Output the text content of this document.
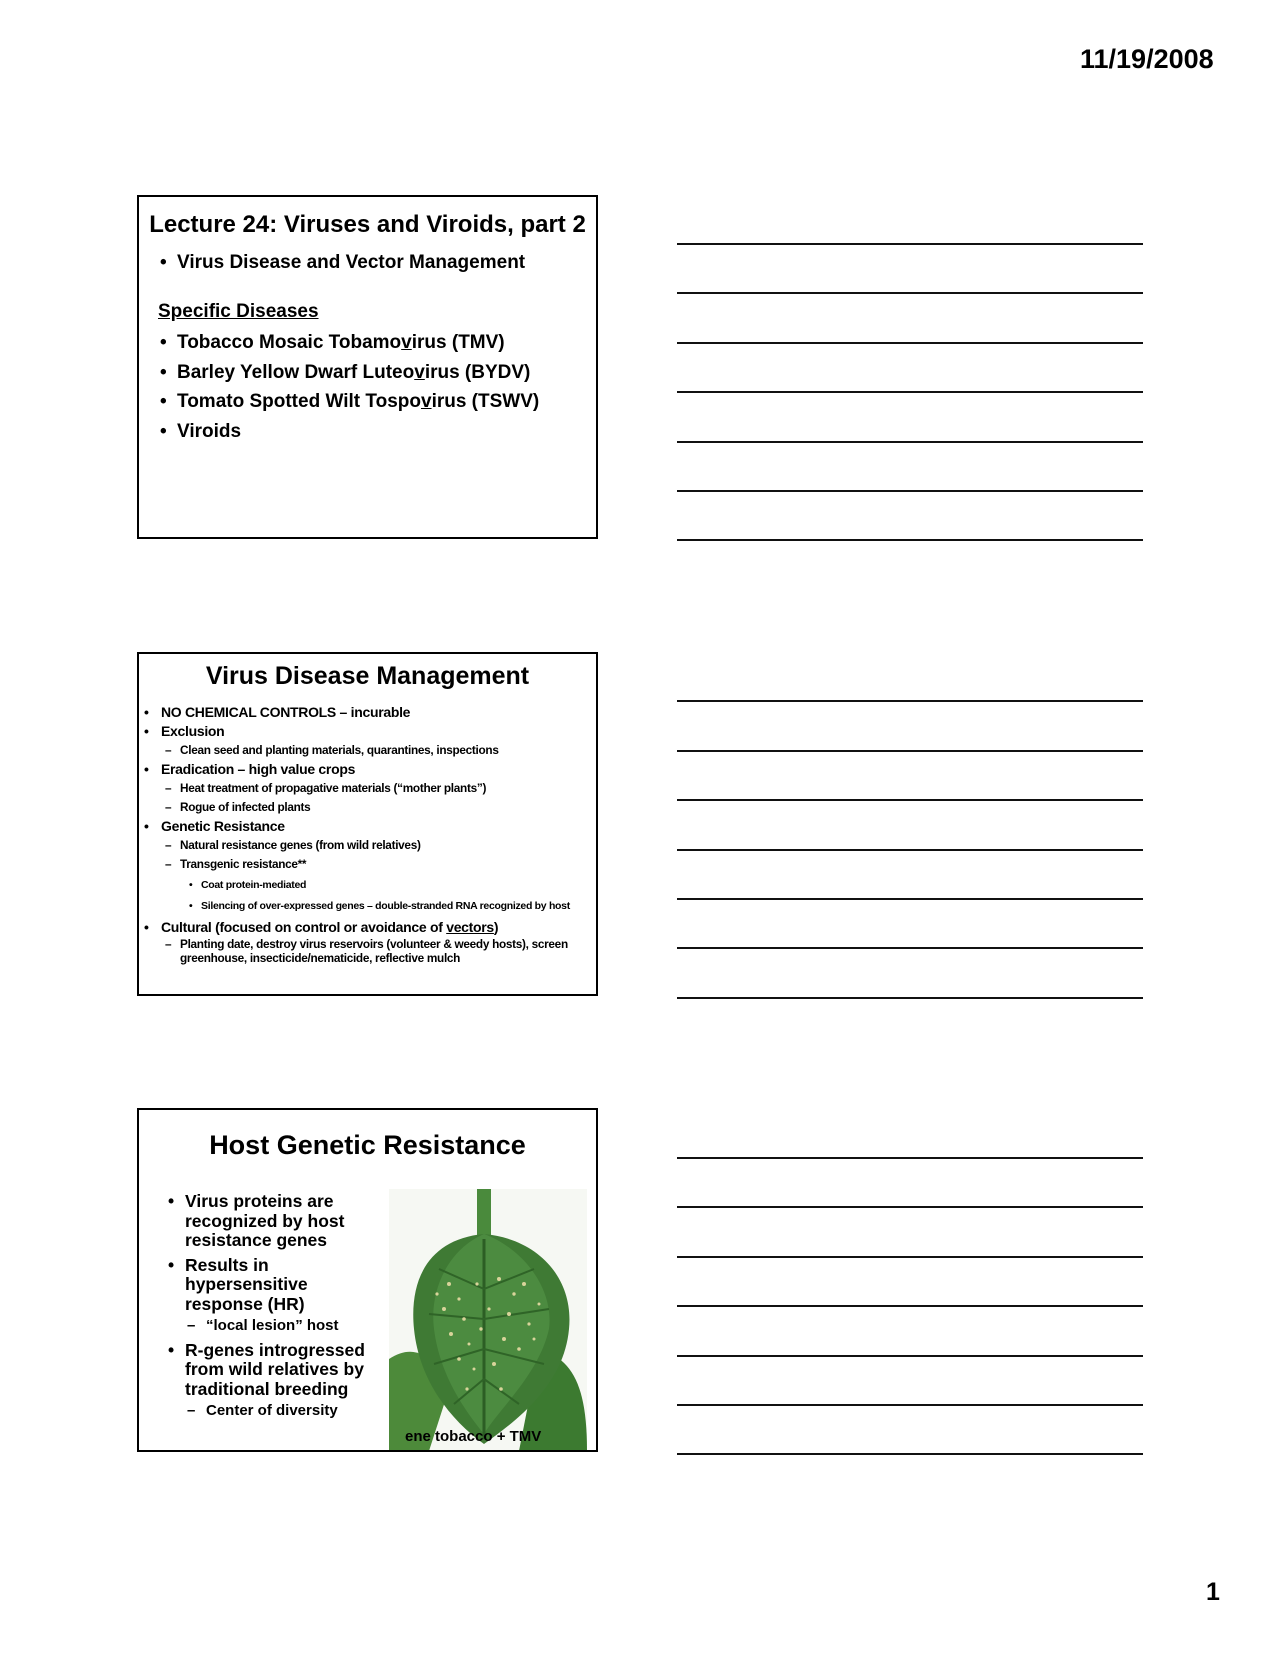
11/19/2008
Lecture 24: Viruses and Viroids, part 2
• Virus Disease and Vector Management
Specific Diseases
• Tobacco Mosaic Tobamovirus (TMV)
• Barley Yellow Dwarf Luteovirus (BYDV)
• Tomato Spotted Wilt Tospovirus (TSWV)
• Viroids
Virus Disease Management
• NO CHEMICAL CONTROLS – incurable
• Exclusion
– Clean seed and planting materials, quarantines, inspections
• Eradication – high value crops
– Heat treatment of propagative materials (“mother plants”)
– Rogue of infected plants
• Genetic Resistance
– Natural resistance genes (from wild relatives)
– Transgenic resistance**
• Coat protein-mediated
• Silencing of over-expressed genes – double-stranded RNA recognized by host
• Cultural (focused on control or avoidance of vectors)
– Planting date, destroy virus reservoirs (volunteer & weedy hosts), screen greenhouse, insecticide/nematicide, reflective mulch
Host Genetic Resistance
• Virus proteins are recognized by host resistance genes
• Results in hypersensitive response (HR)
– “local lesion” host
• R-genes introgressed from wild relatives by traditional breeding
– Center of diversity
ene tobacco + TMV
1
